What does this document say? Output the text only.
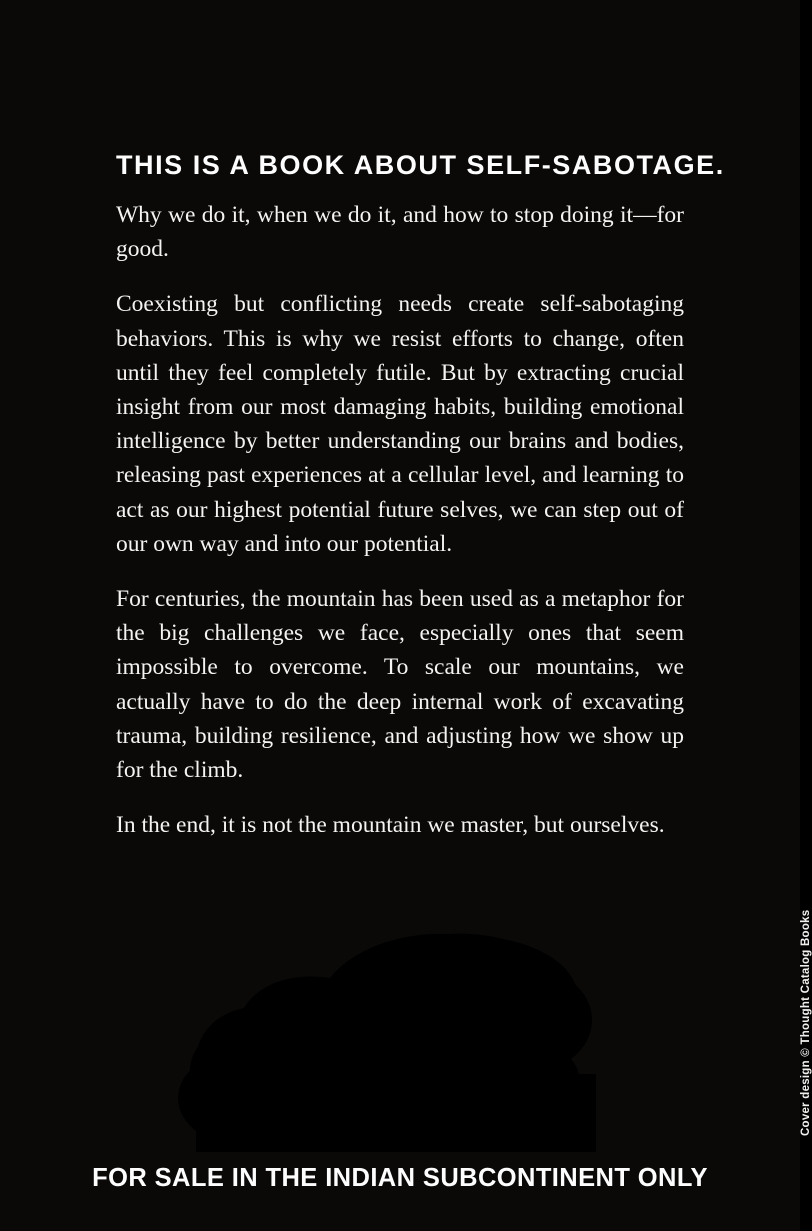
THIS IS A BOOK ABOUT SELF-SABOTAGE.

Why we do it, when we do it, and how to stop doing it—for good.

Coexisting but conflicting needs create self-sabotaging behaviors. This is why we resist efforts to change, often until they feel completely futile. But by extracting crucial insight from our most damaging habits, building emotional intelligence by better understanding our brains and bodies, releasing past experiences at a cellular level, and learning to act as our highest potential future selves, we can step out of our own way and into our potential.

For centuries, the mountain has been used as a metaphor for the big challenges we face, especially ones that seem impossible to overcome. To scale our mountains, we actually have to do the deep internal work of excavating trauma, building resilience, and adjusting how we show up for the climb.

In the end, it is not the mountain we master, but ourselves.

Cover design © Thought Catalog Books
FOR SALE IN THE INDIAN SUBCONTINENT ONLY
